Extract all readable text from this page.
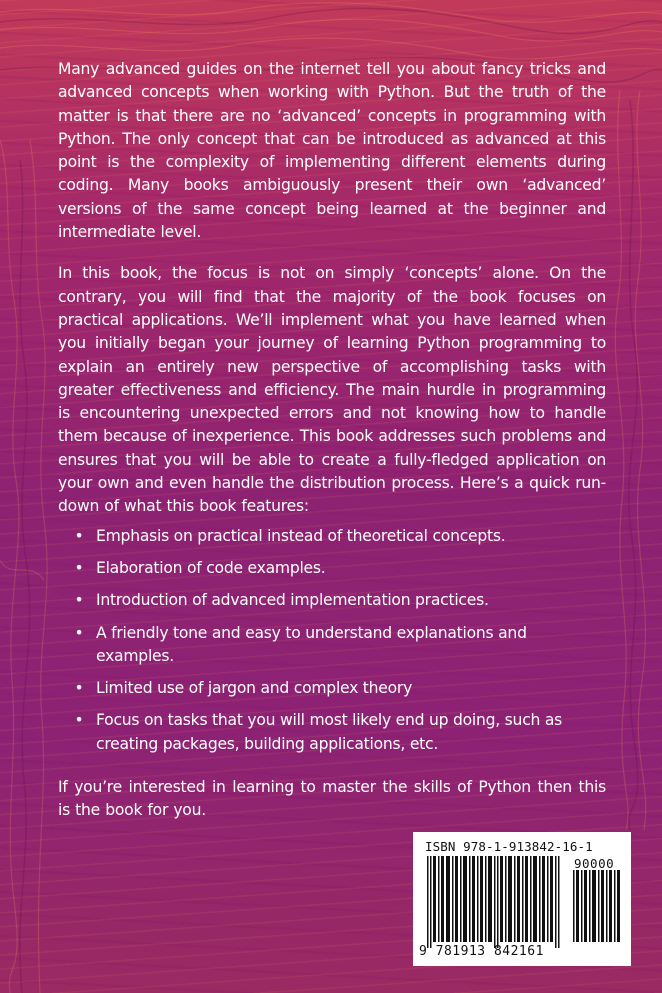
Many advanced guides on the internet tell you about fancy tricks and advanced concepts when working with Python. But the truth of the matter is that there are no ‘advanced’ concepts in programming with Python. The only concept that can be introduced as advanced at this point is the complexity of implementing different elements during coding. Many books ambiguously present their own ‘advanced’ versions of the same concept being learned at the beginner and intermediate level.

In this book, the focus is not on simply ‘concepts’ alone. On the contrary, you will find that the majority of the book focuses on practical applications. We’ll implement what you have learned when you initially began your journey of learning Python programming to explain an entirely new perspective of accomplishing tasks with greater effectiveness and efficiency. The main hurdle in programming is encountering unexpected errors and not knowing how to handle them because of inexperience. This book addresses such problems and ensures that you will be able to create a fully-fledged application on your own and even handle the distribution process. Here’s a quick run-down of what this book features:

• Emphasis on practical instead of theoretical concepts.
• Elaboration of code examples.
• Introduction of advanced implementation practices.
• A friendly tone and easy to understand explanations and examples.
• Limited use of jargon and complex theory
• Focus on tasks that you will most likely end up doing, such as creating packages, building applications, etc.

If you’re interested in learning to master the skills of Python then this is the book for you.

ISBN 978-1-913842-16-1
90000
9 781913 842161
